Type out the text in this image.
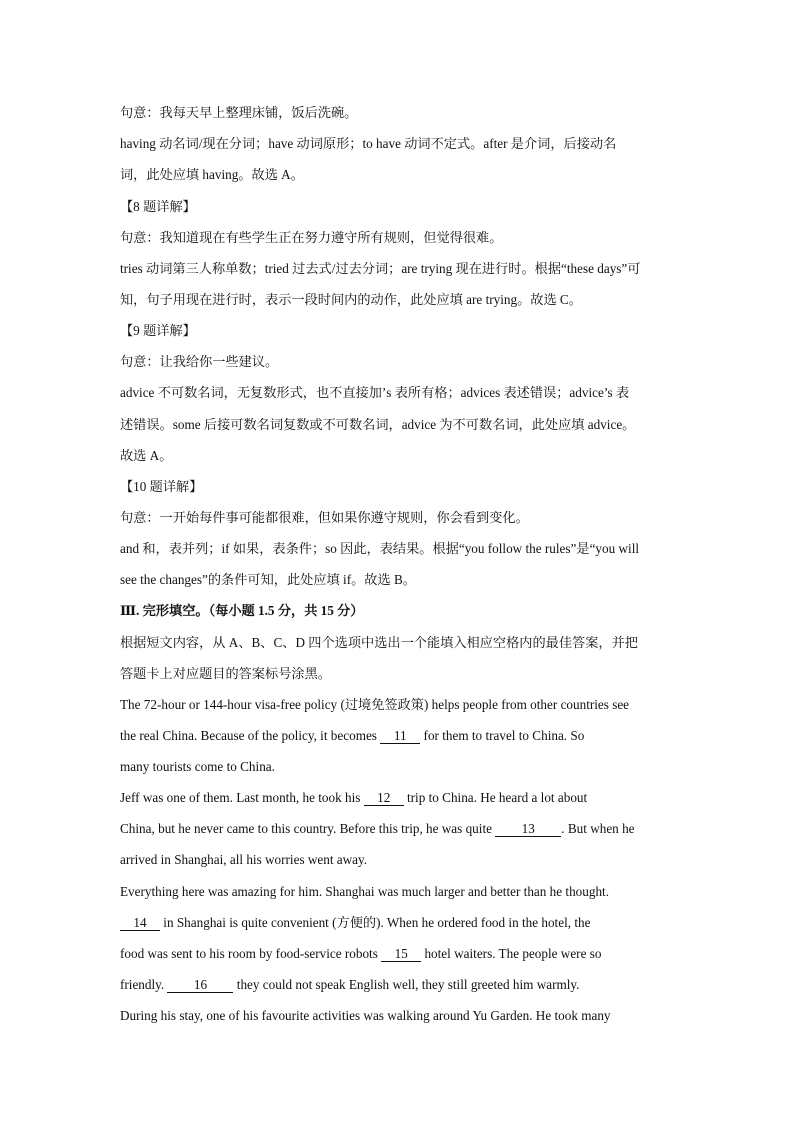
句意：我每天早上整理床铺，饭后洗碗。
having 动名词/现在分词；have 动词原形；to have 动词不定式。after 是介词，后接动名
词，此处应填 having。故选 A。
【8 题详解】
句意：我知道现在有些学生正在努力遵守所有规则，但觉得很难。
tries 动词第三人称单数；tried 过去式/过去分词；are trying 现在进行时。根据“these days”可
知，句子用现在进行时，表示一段时间内的动作，此处应填 are trying。故选 C。
【9 题详解】
句意：让我给你一些建议。
advice 不可数名词，无复数形式，也不直接加’s 表所有格；advices 表述错误；advice’s 表
述错误。some 后接可数名词复数或不可数名词，advice 为不可数名词，此处应填 advice。
故选 A。
【10 题详解】
句意：一开始每件事可能都很难，但如果你遵守规则，你会看到变化。
and 和，表并列；if 如果，表条件；so 因此，表结果。根据“you follow the rules”是“you will
see the changes”的条件可知，此处应填 if。故选 B。
Ⅲ. 完形填空。（每小题 1.5 分，共 15 分）
根据短文内容，从 A、B、C、D 四个选项中选出一个能填入相应空格内的最佳答案，并把
答题卡上对应题目的答案标号涂黑。
The 72-hour or 144-hour visa-free policy (过境免签政策) helps people from other countries see
the real China. Because of the policy, it becomes 11 for them to travel to China. So
many tourists come to China.
Jeff was one of them. Last month, he took his 12 trip to China. He heard a lot about
China, but he never came to this country. Before this trip, he was quite 13 . But when he
arrived in Shanghai, all his worries went away.
Everything here was amazing for him. Shanghai was much larger and better than he thought.
14 in Shanghai is quite convenient (方便的). When he ordered food in the hotel, the
food was sent to his room by food-service robots 15 hotel waiters. The people were so
friendly. 16 they could not speak English well, they still greeted him warmly.
During his stay, one of his favourite activities was walking around Yu Garden. He took many
